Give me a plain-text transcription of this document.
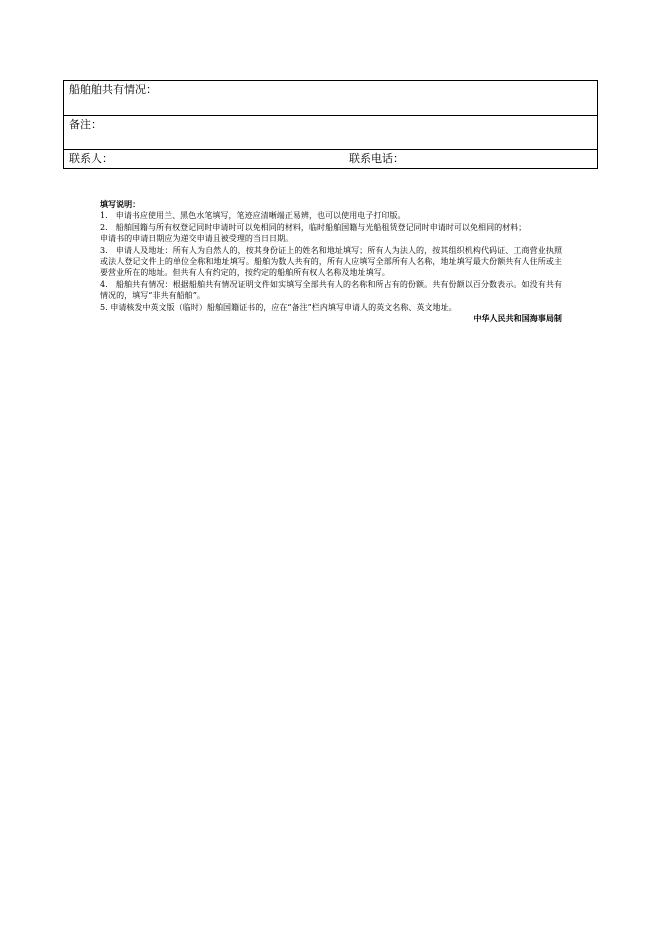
船舶舶共有情况：
备注：
联系人：	联系电话：
填写说明：

1.　申请书应使用兰、黑色水笔填写，笔迹应清晰端正易辨，也可以使用电子打印版。

2.　船舶国籍与所有权登记同时申请时可以免相同的材料，临时船舶国籍与光船租赁登记同时申请时可以免相同的材料；

申请书的申请日期应为递交申请且被受理的当日日期。

3.　申请人及地址：所有人为自然人的，按其身份证上的姓名和地址填写；所有人为法人的，按其组织机构代码证、工商营业执照或法人登记文件上的单位全称和地址填写。船舶为数人共有的，所有人应填写全部所有人名称，地址填写最大份额共有人住所或主要营业所在的地址。但共有人有约定的，按约定的船舶所有权人名称及地址填写。

4.　船舶共有情况：根据船舶共有情况证明文件如实填写全部共有人的名称和所占有的份额。共有份额以百分数表示。如没有共有情况的，填写“非共有船舶”。

5. 申请核发中英文版（临时）船舶国籍证书的，应在“备注”栏内填写申请人的英文名称、英文地址。

中华人民共和国海事局制
